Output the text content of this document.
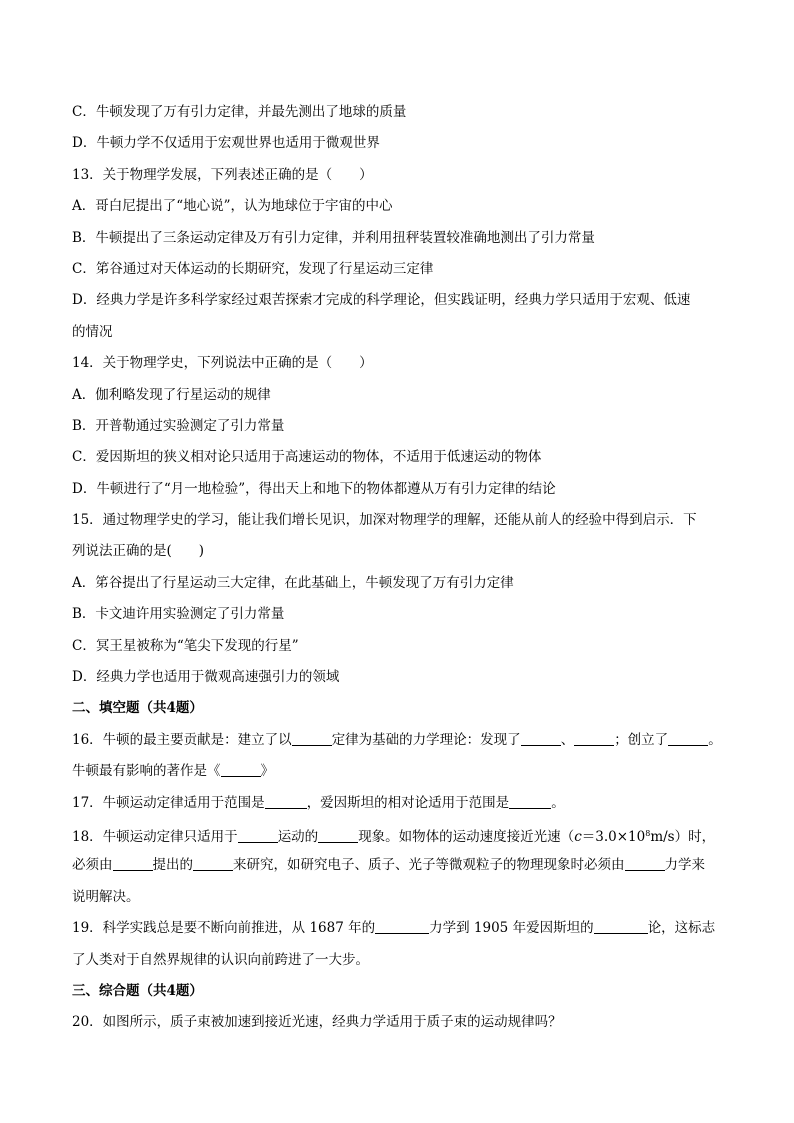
C．牛顿发现了万有引力定律，并最先测出了地球的质量
D．牛顿力学不仅适用于宏观世界也适用于微观世界
13．关于物理学发展，下列表述正确的是（　　）
A．哥白尼提出了“地心说”，认为地球位于宇宙的中心
B．牛顿提出了三条运动定律及万有引力定律，并利用扭秤装置较准确地测出了引力常量
C．笫谷通过对天体运动的长期研究，发现了行星运动三定律
D．经典力学是许多科学家经过艰苦探索才完成的科学理论，但实践证明，经典力学只适用于宏观、低速
的情况
14．关于物理学史，下列说法中正确的是（　　）
A．伽利略发现了行星运动的规律
B．开普勒通过实验测定了引力常量
C．爱因斯坦的狭义相对论只适用于高速运动的物体，不适用于低速运动的物体
D．牛顿进行了“月一地检验”，得出天上和地下的物体都遵从万有引力定律的结论
15．通过物理学史的学习，能让我们增长见识，加深对物理学的理解，还能从前人的经验中得到启示．下
列说法正确的是(　　)
A．笫谷提出了行星运动三大定律，在此基础上，牛顿发现了万有引力定律
B．卡文迪许用实验测定了引力常量
C．冥王星被称为“笔尖下发现的行星”
D．经典力学也适用于微观高速强引力的领域
二、填空题（共4题）
16．牛顿的最主要贡献是：建立了以	定律为基础的力学理论：发现了	、	；创立了	。
牛顿最有影响的著作是《	》
17．牛顿运动定律适用于范围是	，爱因斯坦的相对论适用于范围是	。
18．牛顿运动定律只适用于	运动的	现象。如物体的运动速度接近光速$(c=3.0\times 10^8m/s)$时，
必须由	提出的	来研究，如研究电子、质子、光子等微观粒子的物理现象时必须由	力学来
说明解决。
19．科学实践总是要不断向前推进，从 1687 年的	力学到 1905 年爱因斯坦的	论，这标志
了人类对于自然界规律的认识向前跨进了一大步。
三、综合题（共4题）
20．如图所示，质子束被加速到接近光速，经典力学适用于质子束的运动规律吗？
